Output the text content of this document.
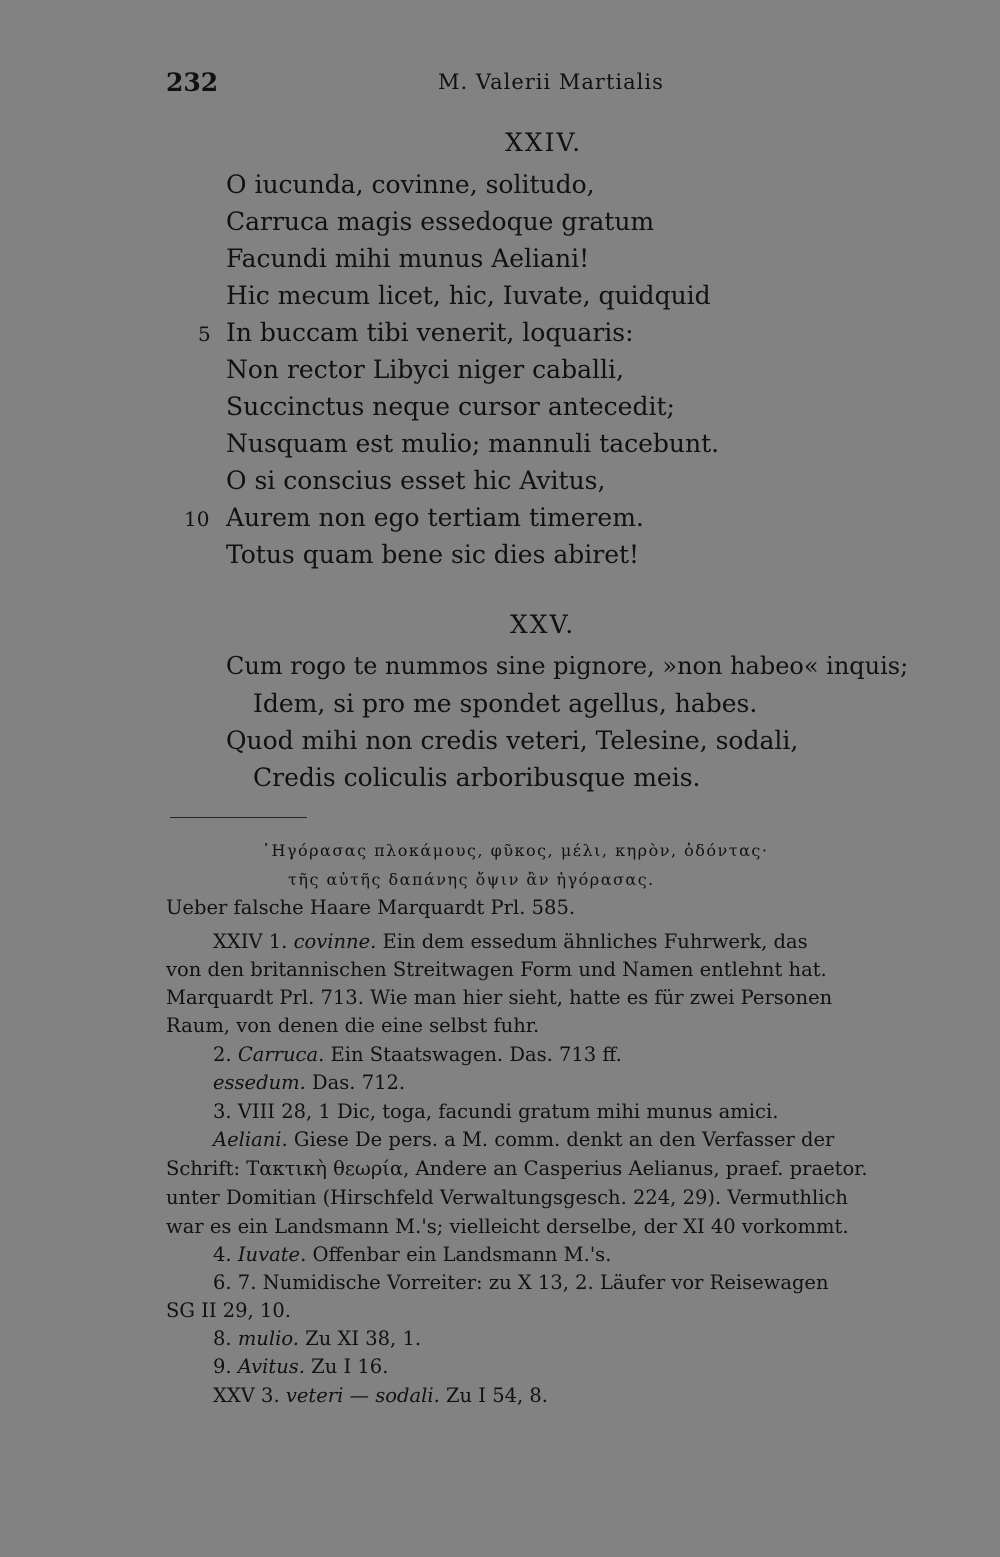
232	M. Valerii Martialis
XXIV.
O iucunda, covinne, solitudo,
Carruca magis essedoque gratum
Facundi mihi munus Aeliani!
Hic mecum licet, hic, Iuvate, quidquid
5 In buccam tibi venerit, loquaris:
Non rector Libyci niger caballi,
Succinctus neque cursor antecedit;
Nusquam est mulio; mannuli tacebunt.
O si conscius esset hic Avitus,
10 Aurem non ego tertiam timerem.
Totus quam bene sic dies abiret!
XXV.
Cum rogo te nummos sine pignore, »non habeo« inquis;
Idem, si pro me spondet agellus, habes.
Quod mihi non credis veteri, Telesine, sodali,
Credis coliculis arboribusque meis.
᾿Ηγόρασας πλοκάμους, φῦκος, μέλι, κηρὸν, ὀδόντας·
τῆς αὐτῆς δαπάνης ὄψιν ἂν ἠγόρασας.
Ueber falsche Haare Marquardt Prl. 585.
XXIV 1. covinne. Ein dem essedum ähnliches Fuhrwerk, das
von den britannischen Streitwagen Form und Namen entlehnt hat.
Marquardt Prl. 713. Wie man hier sieht, hatte es für zwei Personen
Raum, von denen die eine selbst fuhr.
2. Carruca. Ein Staatswagen. Das. 713 ff.
essedum. Das. 712.
3. VIII 28, 1 Dic, toga, facundi gratum mihi munus amici.
Aeliani. Giese De pers. a M. comm. denkt an den Verfasser der
Schrift: Τακτικὴ θεωρία, Andere an Casperius Aelianus, praef. praetor.
unter Domitian (Hirschfeld Verwaltungsgesch. 224, 29). Vermuthlich
war es ein Landsmann M.'s; vielleicht derselbe, der XI 40 vorkommt.
4. Iuvate. Offenbar ein Landsmann M.'s.
6. 7. Numidische Vorreiter: zu X 13, 2. Läufer vor Reisewagen
SG II 29, 10.
8. mulio. Zu XI 38, 1.
9. Avitus. Zu I 16.
XXV 3. veteri — sodali. Zu I 54, 8.
